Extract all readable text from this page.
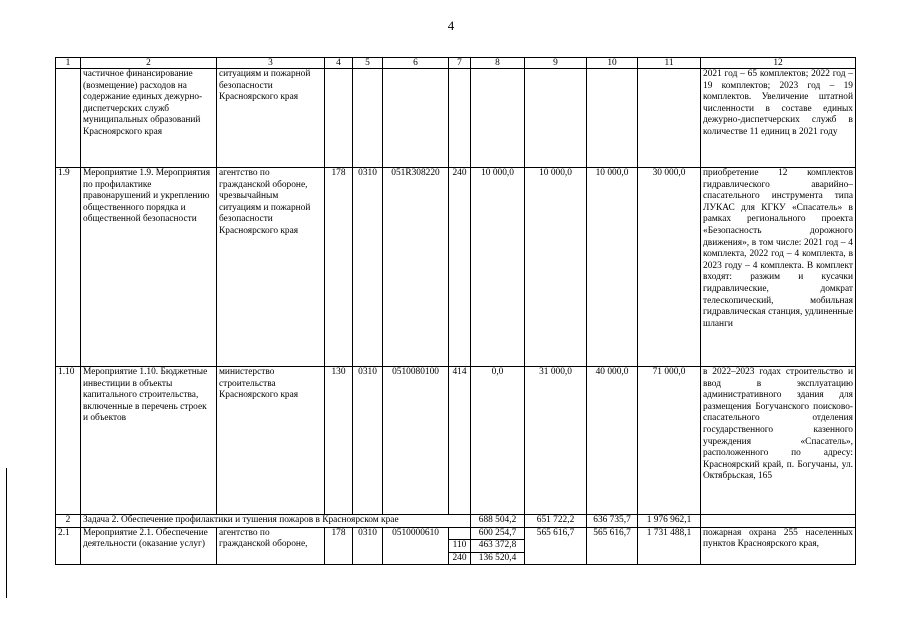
4
1	2	3	4	5	6	7	8	9	10	11	12
	частичное финансирование (возмещение) расходов на содержание единых дежурно-диспетчерских служб муниципальных образований Красноярского края	ситуациям и пожарной безопасности Красноярского края									2021 год – 65 комплектов; 2022 год – 19 комплектов; 2023 год – 19 комплектов. Увеличение штатной численности в составе единых дежурно-диспетчерских служб в количестве 11 единиц в 2021 году
1.9	Мероприятие 1.9. Мероприятия по профилактике правонарушений и укреплению общественного порядка и общественной безопасности	агентство по гражданской обороне, чрезвычайным ситуациям и пожарной безопасности Красноярского края	178	0310	051R308220	240	10 000,0	10 000,0	10 000,0	30 000,0	приобретение 12 комплектов гидравлического аварийно–спасательного инструмента типа ЛУКАС для КГКУ «Спасатель» в рамках регионального проекта «Безопасность дорожного движения», в том числе: 2021 год – 4 комплекта, 2022 год – 4 комплекта, в 2023 году – 4 комплекта. В комплект входят: разжим и кусачки гидравлические, домкрат телескопический, мобильная гидравлическая станция, удлиненные шланги
1.10	Мероприятие 1.10. Бюджетные инвестиции в объекты капитального строительства, включенные в перечень строек и объектов	министерство строительства Красноярского края	130	0310	0510080100	414	0,0	31 000,0	40 000,0	71 000,0	в 2022–2023 годах строительство и ввод в эксплуатацию административного здания для размещения Богучанского поисково-спасательного отделения государственного казенного учреждения «Спасатель», расположенного по адресу: Красноярский край, п. Богучаны, ул. Октябрьская, 165
2	Задача 2. Обеспечение профилактики и тушения пожаров в Красноярском крае						688 504,2	651 722,2	636 735,7	1 976 962,1	
2.1	Мероприятие 2.1. Обеспечение деятельности (оказание услуг)	агентство по гражданской обороне,	178	0310	0510000610		600 254,7	565 616,7	565 616,7	1 731 488,1	пожарная охрана 255 населенных пунктов Красноярского края,
						110	463 372,8				
						240	136 520,4				
